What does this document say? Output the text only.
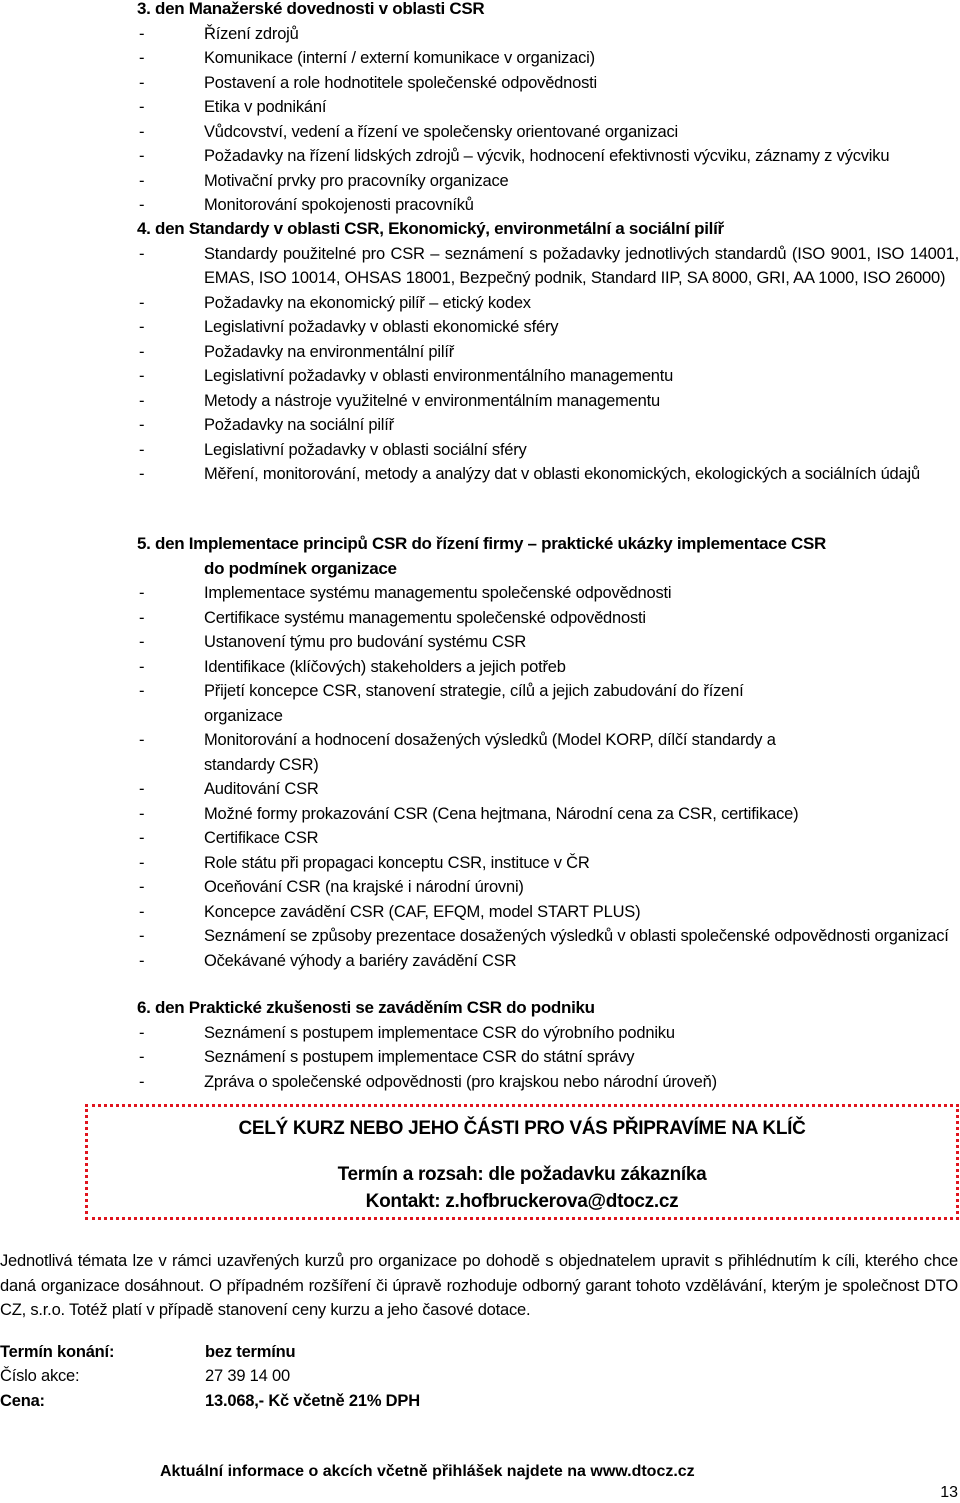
3. den Manažerské dovednosti v oblasti CSR
-	Řízení zdrojů
-	Komunikace (interní / externí komunikace v organizaci)
-	Postavení a role hodnotitele společenské odpovědnosti
-	Etika v podnikání
-	Vůdcovství, vedení a řízení ve společensky orientované organizaci
-	Požadavky na řízení lidských zdrojů – výcvik, hodnocení efektivnosti výcviku, záznamy z výcviku
-	Motivační prvky pro pracovníky organizace
-	Monitorování spokojenosti pracovníků
4. den Standardy v oblasti CSR, Ekonomický, environmetální a sociální pilíř
-	Standardy použitelné pro CSR – seznámení s požadavky jednotlivých standardů (ISO 9001, ISO 14001, EMAS, ISO 10014, OHSAS 18001, Bezpečný podnik, Standard IIP, SA 8000, GRI, AA 1000, ISO 26000)
-	Požadavky na ekonomický pilíř – etický kodex
-	Legislativní požadavky v oblasti ekonomické sféry
-	Požadavky na environmentální pilíř
-	Legislativní požadavky v oblasti environmentálního managementu
-	Metody a nástroje využitelné v environmentálním managementu
-	Požadavky na sociální pilíř
-	Legislativní požadavky v oblasti sociální sféry
-	Měření, monitorování, metody a analýzy dat v oblasti ekonomických, ekologických a sociálních údajů
5. den Implementace principů CSR do řízení firmy – praktické ukázky implementace CSR
do podmínek organizace
-	Implementace systému managementu společenské odpovědnosti
-	Certifikace systému managementu společenské odpovědnosti
-	Ustanovení týmu pro budování systému CSR
-	Identifikace (klíčových) stakeholders a jejich potřeb
-	Přijetí koncepce CSR, stanovení strategie, cílů a jejich zabudování do řízení organizace
-	Monitorování a hodnocení dosažených výsledků (Model KORP, dílčí standardy a standardy CSR)
-	Auditování CSR
-	Možné formy prokazování CSR (Cena hejtmana, Národní cena za CSR, certifikace)
-	Certifikace CSR
-	Role státu při propagaci konceptu CSR, instituce v ČR
-	Oceňování CSR (na krajské i národní úrovni)
-	Koncepce zavádění CSR (CAF, EFQM, model START PLUS)
-	Seznámení se způsoby prezentace dosažených výsledků v oblasti společenské odpovědnosti organizací
-	Očekávané výhody a bariéry zavádění CSR
6. den Praktické zkušenosti se zaváděním CSR do podniku
-	Seznámení s postupem implementace CSR do výrobního podniku
-	Seznámení s postupem implementace CSR do státní správy
-	Zpráva o společenské odpovědnosti (pro krajskou nebo národní úroveň)
CELÝ KURZ NEBO JEHO ČÁSTI PRO VÁS PŘIPRAVÍME NA KLÍČ
Termín a rozsah: dle požadavku zákazníka
Kontakt: z.hofbruckerova@dtocz.cz
Jednotlivá témata lze v rámci uzavřených kurzů pro organizace po dohodě s objednatelem upravit s přihlédnutím k cíli, kterého chce daná organizace dosáhnout. O případném rozšíření či úpravě rozhoduje odborný garant tohoto vzdělávání, kterým je společnost DTO CZ, s.r.o. Totéž platí v případě stanovení ceny kurzu a jeho časové dotace.
Termín konání:	bez termínu
Číslo akce:	27 39 14 00
Cena:	13.068,- Kč včetně 21% DPH
Aktuální informace o akcích včetně přihlášek najdete na www.dtocz.cz
13
